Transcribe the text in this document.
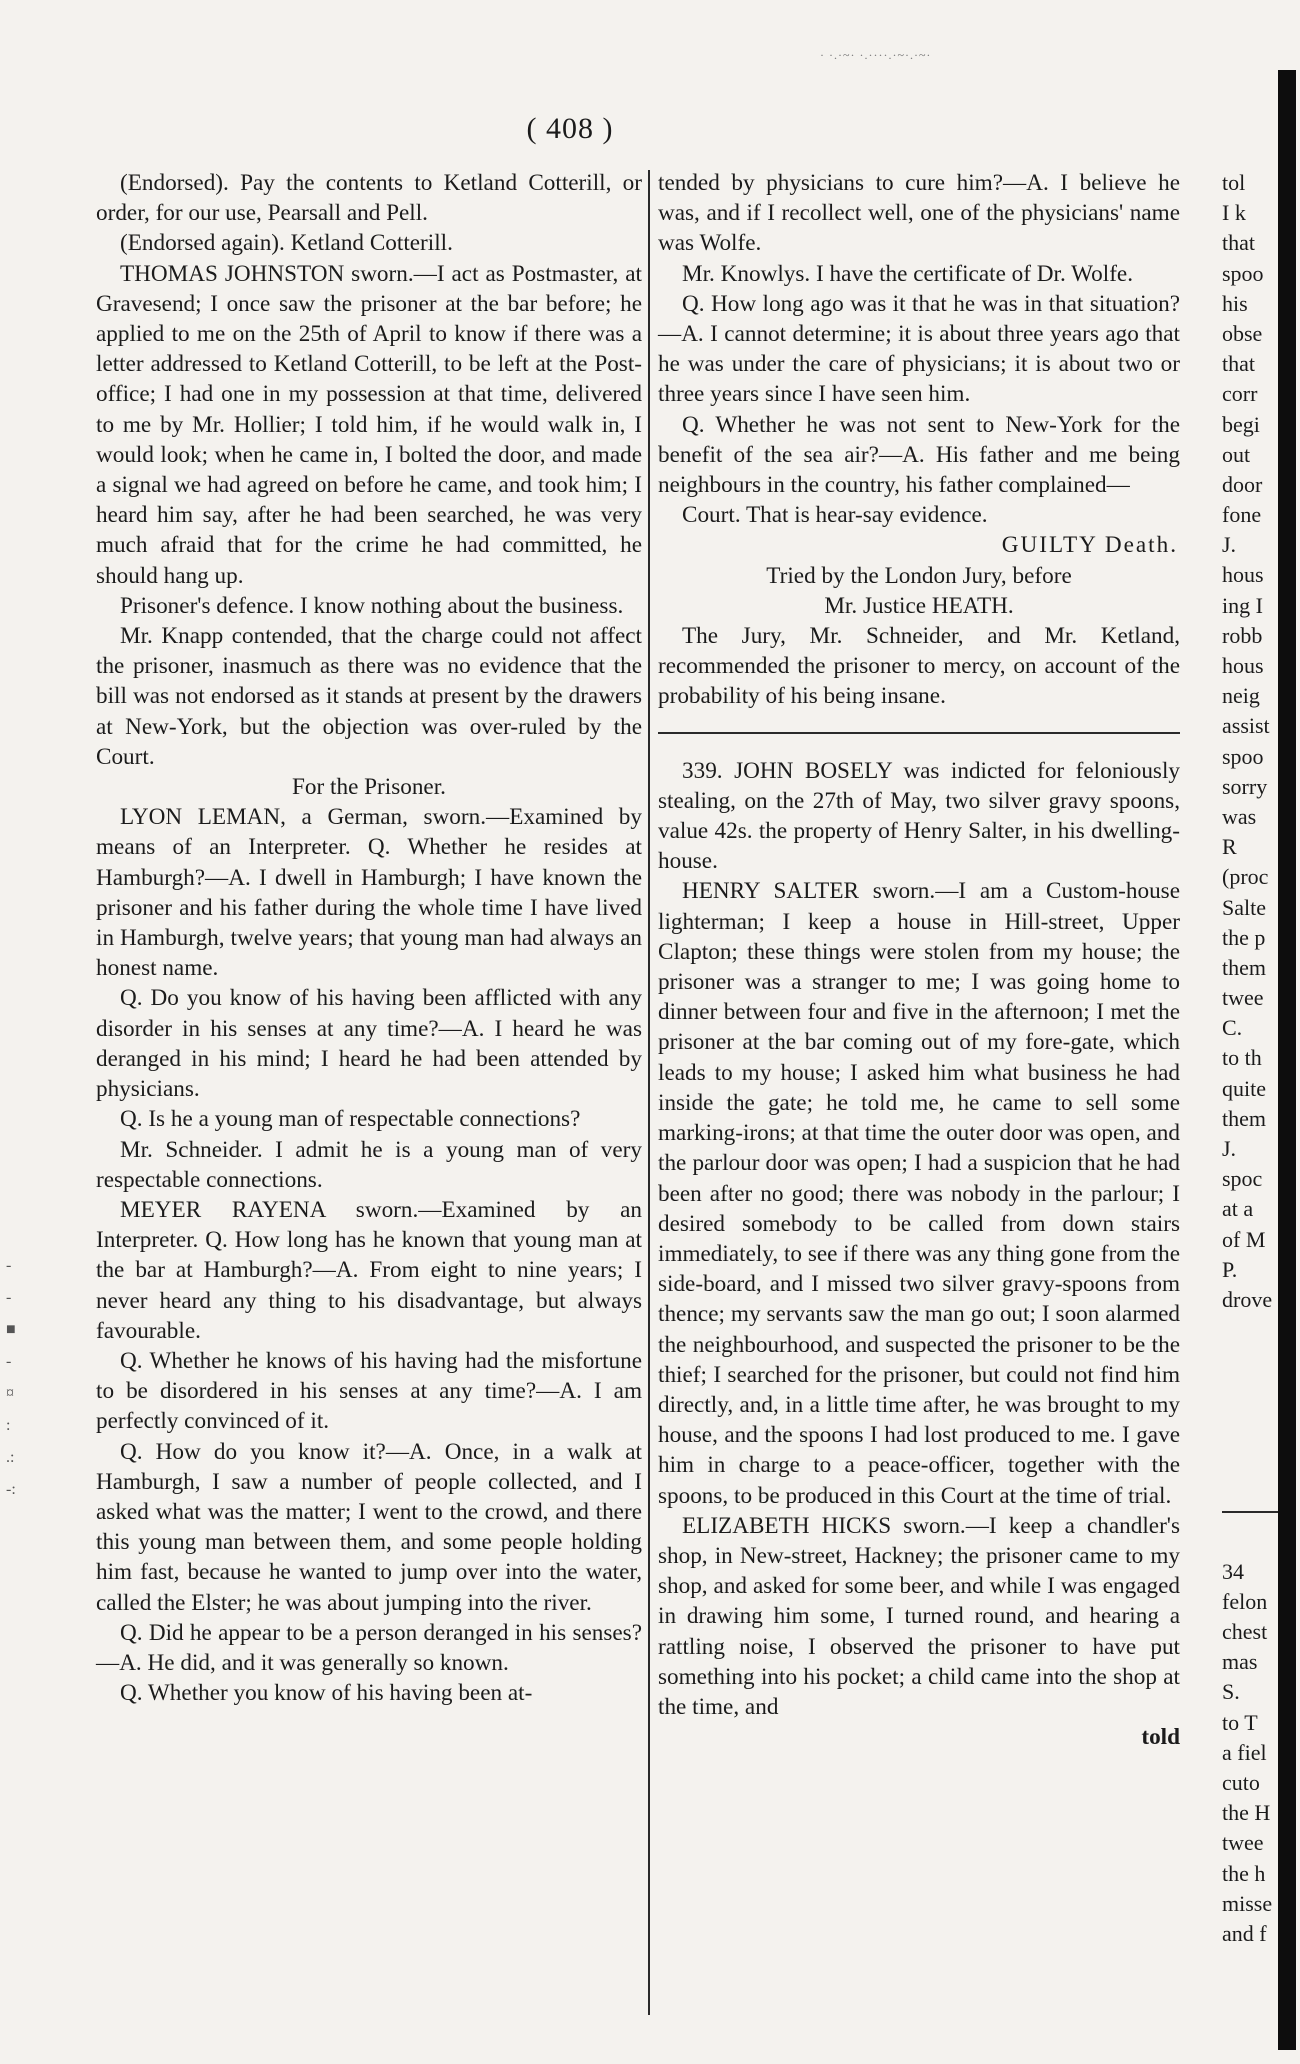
· ·.·~· ·.····.·~·.·~·
( 408 )

(Endorsed). Pay the contents to Ketland Cotterill, or order, for our use, Pearsall and Pell.

(Endorsed again). Ketland Cotterill.

THOMAS JOHNSTON sworn.—I act as Postmaster, at Gravesend; I once saw the prisoner at the bar before; he applied to me on the 25th of April to know if there was a letter addressed to Ketland Cotterill, to be left at the Post-office; I had one in my possession at that time, delivered to me by Mr. Hollier; I told him, if he would walk in, I would look; when he came in, I bolted the door, and made a signal we had agreed on before he came, and took him; I heard him say, after he had been searched, he was very much afraid that for the crime he had committed, he should hang up.

Prisoner's defence. I know nothing about the business.

Mr. Knapp contended, that the charge could not affect the prisoner, inasmuch as there was no evidence that the bill was not endorsed as it stands at present by the drawers at New-York, but the objection was over-ruled by the Court.

For the Prisoner.

LYON LEMAN, a German, sworn.—Examined by means of an Interpreter. Q. Whether he resides at Hamburgh?—A. I dwell in Hamburgh; I have known the prisoner and his father during the whole time I have lived in Hamburgh, twelve years; that young man had always an honest name.

Q. Do you know of his having been afflicted with any disorder in his senses at any time?—A. I heard he was deranged in his mind; I heard he had been attended by physicians.

Q. Is he a young man of respectable connections?

Mr. Schneider. I admit he is a young man of very respectable connections.

MEYER RAYENA sworn.—Examined by an Interpreter. Q. How long has he known that young man at the bar at Hamburgh?—A. From eight to nine years; I never heard any thing to his disadvantage, but always favourable.

Q. Whether he knows of his having had the misfortune to be disordered in his senses at any time?—A. I am perfectly convinced of it.

Q. How do you know it?—A. Once, in a walk at Hamburgh, I saw a number of people collected, and I asked what was the matter; I went to the crowd, and there this young man between them, and some people holding him fast, because he wanted to jump over into the water, called the Elster; he was about jumping into the river.

Q. Did he appear to be a person deranged in his senses?—A. He did, and it was generally so known.

Q. Whether you know of his having been at-

tended by physicians to cure him?—A. I believe he was, and if I recollect well, one of the physicians' name was Wolfe.

Mr. Knowlys. I have the certificate of Dr. Wolfe.

Q. How long ago was it that he was in that situation?—A. I cannot determine; it is about three years ago that he was under the care of physicians; it is about two or three years since I have seen him.

Q. Whether he was not sent to New-York for the benefit of the sea air?—A. His father and me being neighbours in the country, his father complained—

Court. That is hear-say evidence.

GUILTY Death.

Tried by the London Jury, before

Mr. Justice HEATH.

The Jury, Mr. Schneider, and Mr. Ketland, recommended the prisoner to mercy, on account of the probability of his being insane.

339. JOHN BOSELY was indicted for feloniously stealing, on the 27th of May, two silver gravy spoons, value 42s. the property of Henry Salter, in his dwelling-house.

HENRY SALTER sworn.—I am a Custom-house lighterman; I keep a house in Hill-street, Upper Clapton; these things were stolen from my house; the prisoner was a stranger to me; I was going home to dinner between four and five in the afternoon; I met the prisoner at the bar coming out of my fore-gate, which leads to my house; I asked him what business he had inside the gate; he told me, he came to sell some marking-irons; at that time the outer door was open, and the parlour door was open; I had a suspicion that he had been after no good; there was nobody in the parlour; I desired somebody to be called from down stairs immediately, to see if there was any thing gone from the side-board, and I missed two silver gravy-spoons from thence; my servants saw the man go out; I soon alarmed the neighbourhood, and suspected the prisoner to be the thief; I searched for the prisoner, but could not find him directly, and, in a little time after, he was brought to my house, and the spoons I had lost produced to me. I gave him in charge to a peace-officer, together with the spoons, to be produced in this Court at the time of trial.

ELIZABETH HICKS sworn.—I keep a chandler's shop, in New-street, Hackney; the prisoner came to my shop, and asked for some beer, and while I was engaged in drawing him some, I turned round, and hearing a rattling noise, I observed the prisoner to have put something into his pocket; a child came into the shop at the time, and

told

tol
I k
that
spoo
his
obse
that
corr
begi
out
door
fone
J.
hous
ing I
robb
hous
neig
assist
spoo
sorry
was
R
(proc
Salte
the p
them
twee
C.
to th
quite
them
J.
spoc
at a
of M
P.
drove
34
felon
chest
mas
S.
to T
a fiel
cuto
the H
twee
the h
misse
and f
-
-
■
-
¤
:
.:
-:
